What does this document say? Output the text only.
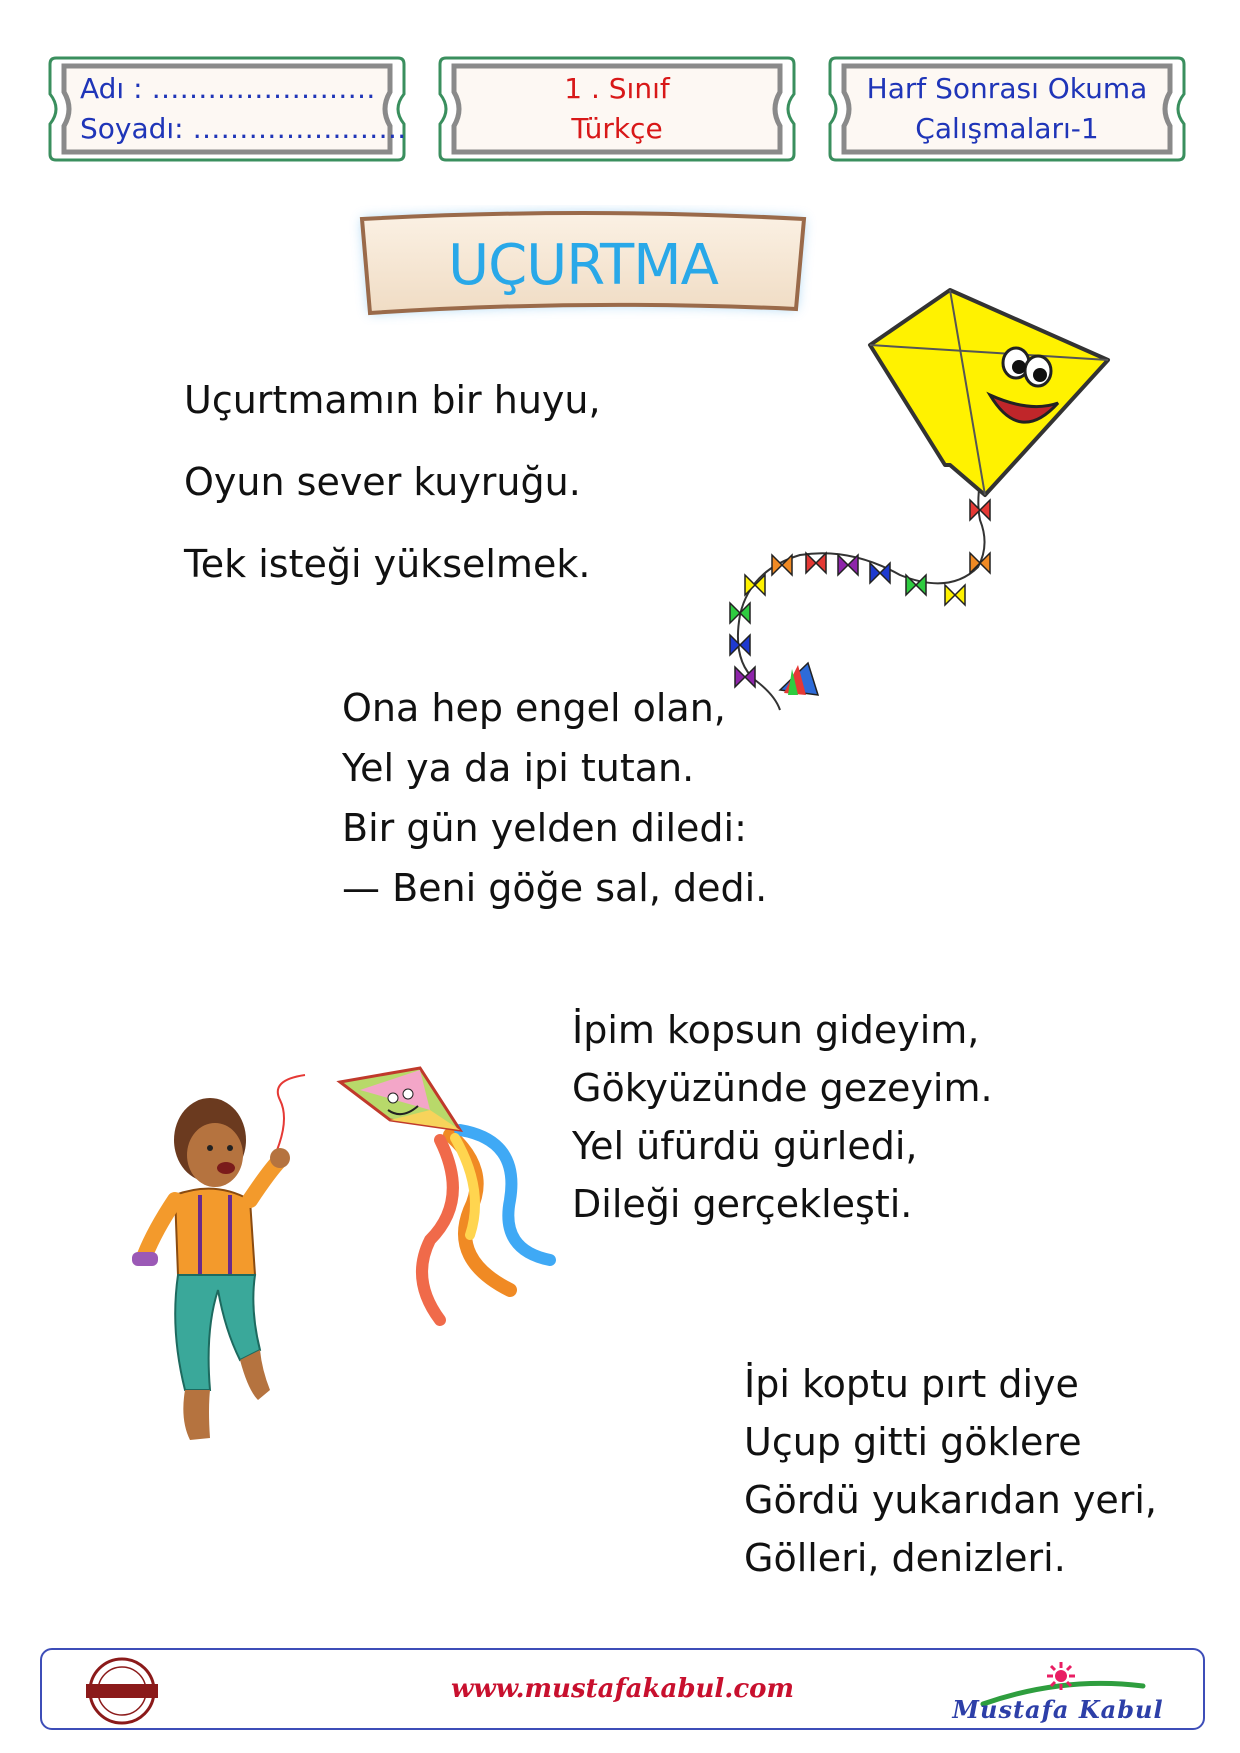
Adı : ……………………
Soyadı: ……………..……
1 . Sınıf
Türkçe
Harf Sonrası Okuma
Çalışmaları-1
UÇURTMA
Uçurtmamın bir huyu,
Oyun sever kuyruğu.
Tek isteği yükselmek.
Ona hep engel olan,
Yel ya da ipi tutan.
Bir gün yelden diledi:
— Beni göğe sal, dedi.
İpim kopsun gideyim,
Gökyüzünde gezeyim.
Yel üfürdü gürledi,
Dileği gerçekleşti.
İpi koptu pırt diye
Uçup gitti göklere
Gördü yukarıdan yeri,
Gölleri, denizleri.
www.mustafakabul.com
Mustafa Kabul
